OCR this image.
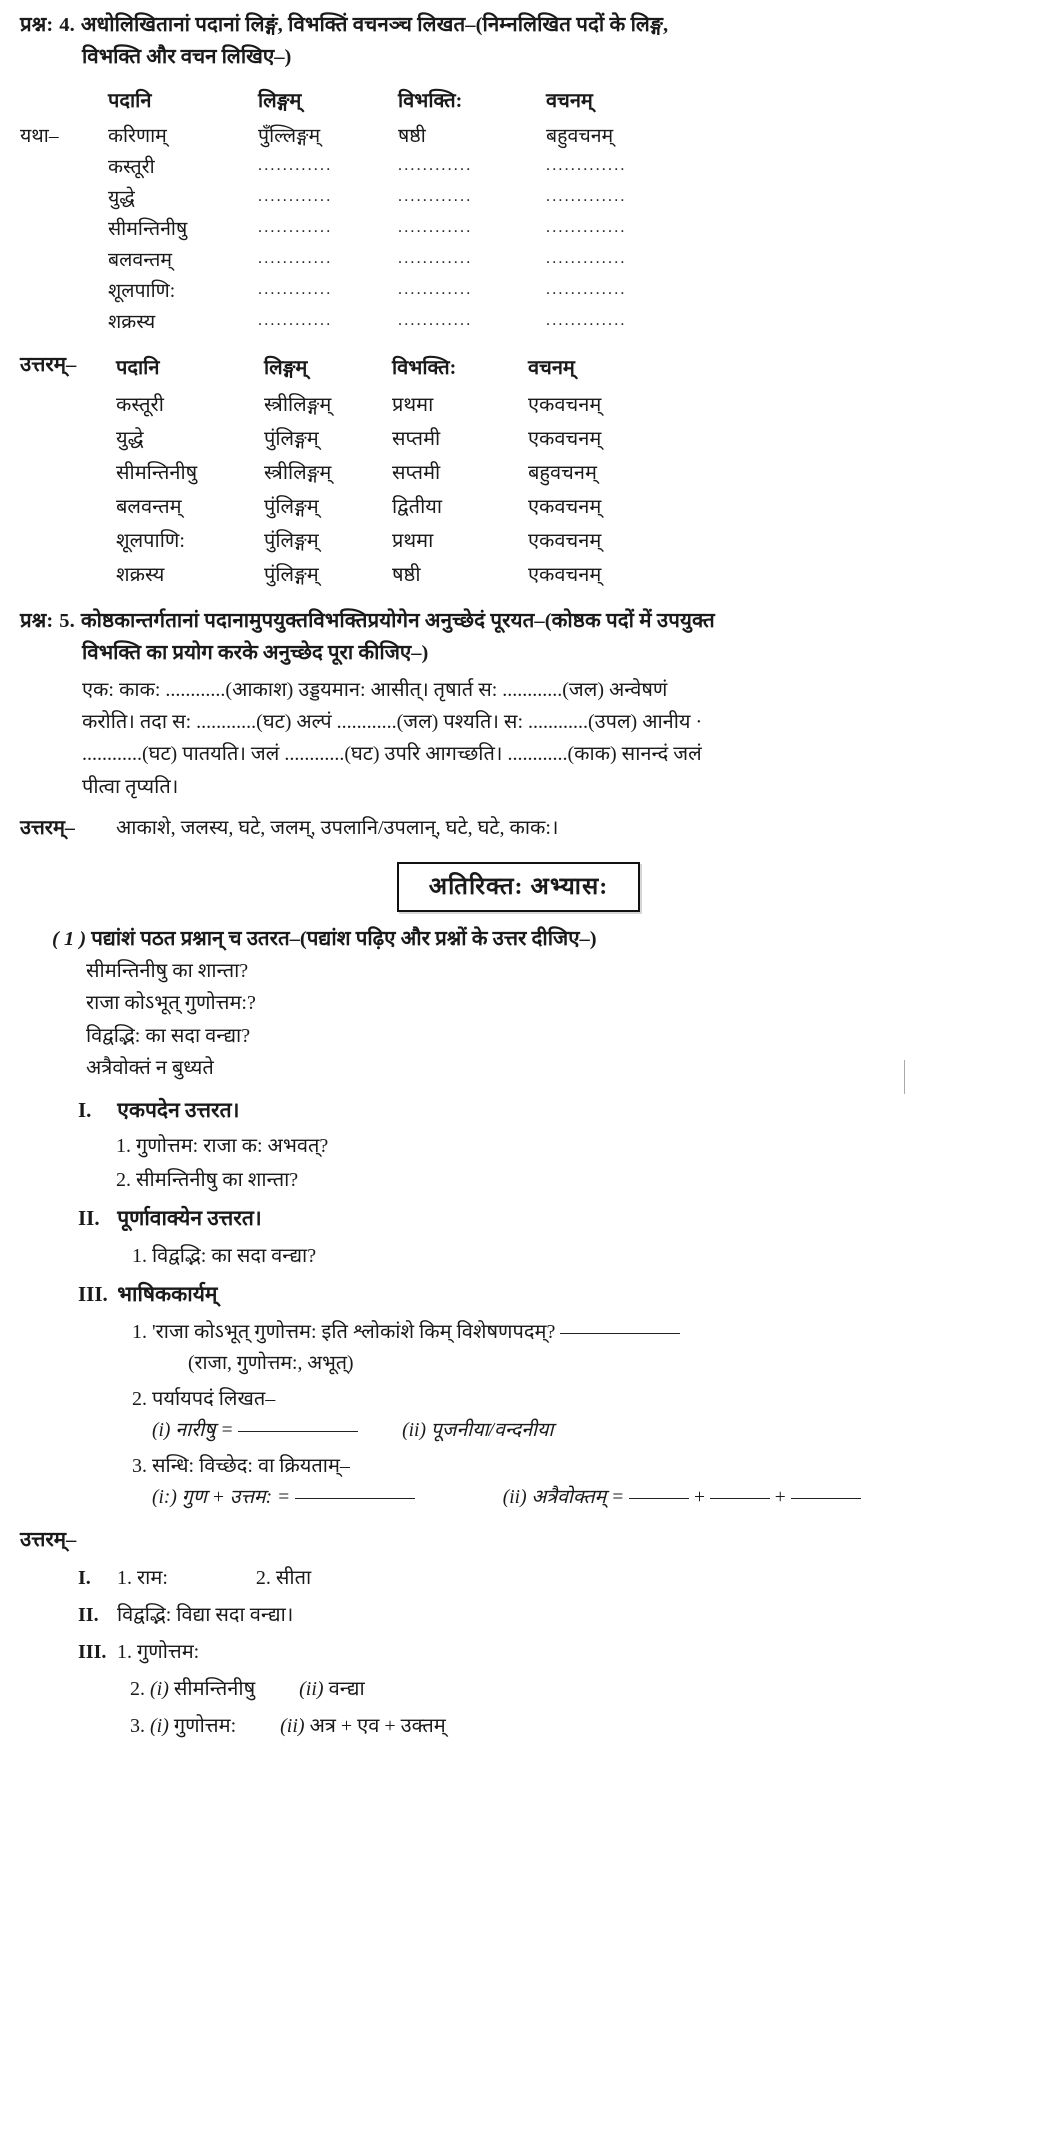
प्रश्न: 4. अधोलिखितानां पदानां लिङ्गं, विभक्तिं वचनञ्च लिखत–(निम्नलिखित पदों के लिङ्ग,
विभक्ति और वचन लिखिए–)
	पदानि	लिङ्गम्	विभक्ति:	वचनम्
यथा–	करिणाम्	पुँल्लिङ्गम्	षष्ठी	बहुवचनम्
	कस्तूरी	............	............	.............
	युद्धे	............	............	.............
	सीमन्तिनीषु	............	............	.............
	बलवन्तम्	............	............	.............
	शूलपाणि:	............	............	.............
	शक्रस्य	............	............	.............
उत्तरम्–	पदानि	लिङ्गम्	विभक्ति:	वचनम्
कस्तूरी	स्त्रीलिङ्गम्	प्रथमा	एकवचनम्
युद्धे	पुंलिङ्गम्	सप्तमी	एकवचनम्
सीमन्तिनीषु	स्त्रीलिङ्गम्	सप्तमी	बहुवचनम्
बलवन्तम्	पुंलिङ्गम्	द्वितीया	एकवचनम्
शूलपाणि:	पुंलिङ्गम्	प्रथमा	एकवचनम्
शक्रस्य	पुंलिङ्गम्	षष्ठी	एकवचनम्
प्रश्न: 5. कोष्ठकान्तर्गतानां पदानामुपयुक्तविभक्तिप्रयोगेन अनुच्छेदं पूरयत–(कोष्ठक पदों में उपयुक्त
विभक्ति का प्रयोग करके अनुच्छेद पूरा कीजिए–)
एक: काक: ............(आकाश) उड्डयमान: आसीत्। तृषार्त स: ............(जल) अन्वेषणं
करोति। तदा स: ............(घट) अल्पं ............(जल) पश्यति। स: ............(उपल) आनीय ·
............(घट) पातयति। जलं ............(घट) उपरि आगच्छति। ............(काक) सानन्दं जलं
पीत्वा तृप्यति।
उत्तरम्–	आकाशे, जलस्य, घटे, जलम्, उपलानि/उपलान्, घटे, घटे, काक:।
अतिरिक्त: अभ्यास:
( 1 ) पद्यांशं पठत प्रश्नान् च उतरत–(पद्यांश पढ़िए और प्रश्नों के उत्तर दीजिए–)
सीमन्तिनीषु का शान्ता?
राजा कोऽभूत् गुणोत्तम:?
विद्वद्भि: का सदा वन्द्या?
अत्रैवोक्तं न बुध्यते
I. एकपदेन उत्तरत।
1. गुणोत्तम: राजा क: अभवत्?
2. सीमन्तिनीषु का शान्ता?
II. पूर्णावाक्येन उत्तरत।
1. विद्वद्भि: का सदा वन्द्या?
III. भाषिककार्यम्
1. 'राजा कोऽभूत् गुणोत्तम: इति श्लोकांशे किम् विशेषणपदम्?
(राजा, गुणोत्तम:, अभूत्)
2. पर्यायपदं लिखत–
(i) नारीषु =	(ii) पूजनीया/वन्दनीया
3. सन्धि: विच्छेद: वा क्रियताम्–
(i:) गुण + उत्तम: =	(ii) अत्रैवोक्तम् =	+	+
उत्तरम्–
I. 1. राम:	2. सीता
II. विद्वद्भि: विद्या सदा वन्द्या।
III. 1. गुणोत्तम:
2. (i) सीमन्तिनीषु (ii) वन्द्या
3. (i) गुणोत्तम: (ii) अत्र + एव + उक्तम्
